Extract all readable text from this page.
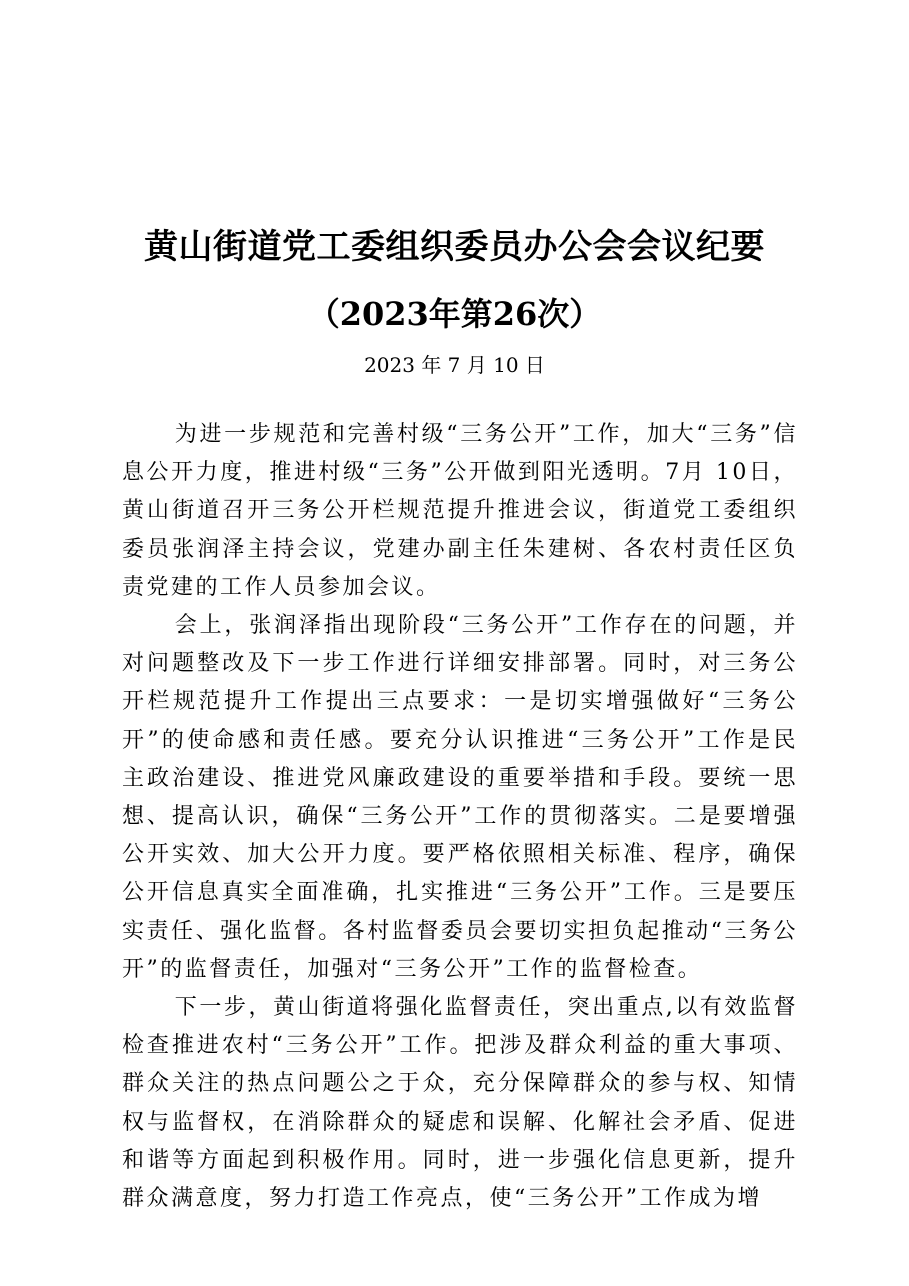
黄山街道党工委组织委员办公会会议纪要
（2023年第26次）
2023 年 7 月 10 日

为进一步规范和完善村级“三务公开”工作，加大“三务”信息公开力度，推进村级“三务”公开做到阳光透明。7月 10日，黄山街道召开三务公开栏规范提升推进会议，街道党工委组织委员张润泽主持会议，党建办副主任朱建树、各农村责任区负责党建的工作人员参加会议。

会上，张润泽指出现阶段“三务公开”工作存在的问题，并对问题整改及下一步工作进行详细安排部署。同时，对三务公开栏规范提升工作提出三点要求：一是切实增强做好“三务公开”的使命感和责任感。要充分认识推进“三务公开”工作是民主政治建设、推进党风廉政建设的重要举措和手段。要统一思想、提高认识，确保“三务公开”工作的贯彻落实。二是要增强公开实效、加大公开力度。要严格依照相关标准、程序，确保公开信息真实全面准确，扎实推进“三务公开”工作。三是要压实责任、强化监督。各村监督委员会要切实担负起推动“三务公开”的监督责任，加强对“三务公开”工作的监督检查。

下一步，黄山街道将强化监督责任，突出重点,以有效监督检查推进农村“三务公开”工作。把涉及群众利益的重大事项、群众关注的热点问题公之于众，充分保障群众的参与权、知情权与监督权，在消除群众的疑虑和误解、化解社会矛盾、促进和谐等方面起到积极作用。同时，进一步强化信息更新，提升群众满意度，努力打造工作亮点，使“三务公开”工作成为增
